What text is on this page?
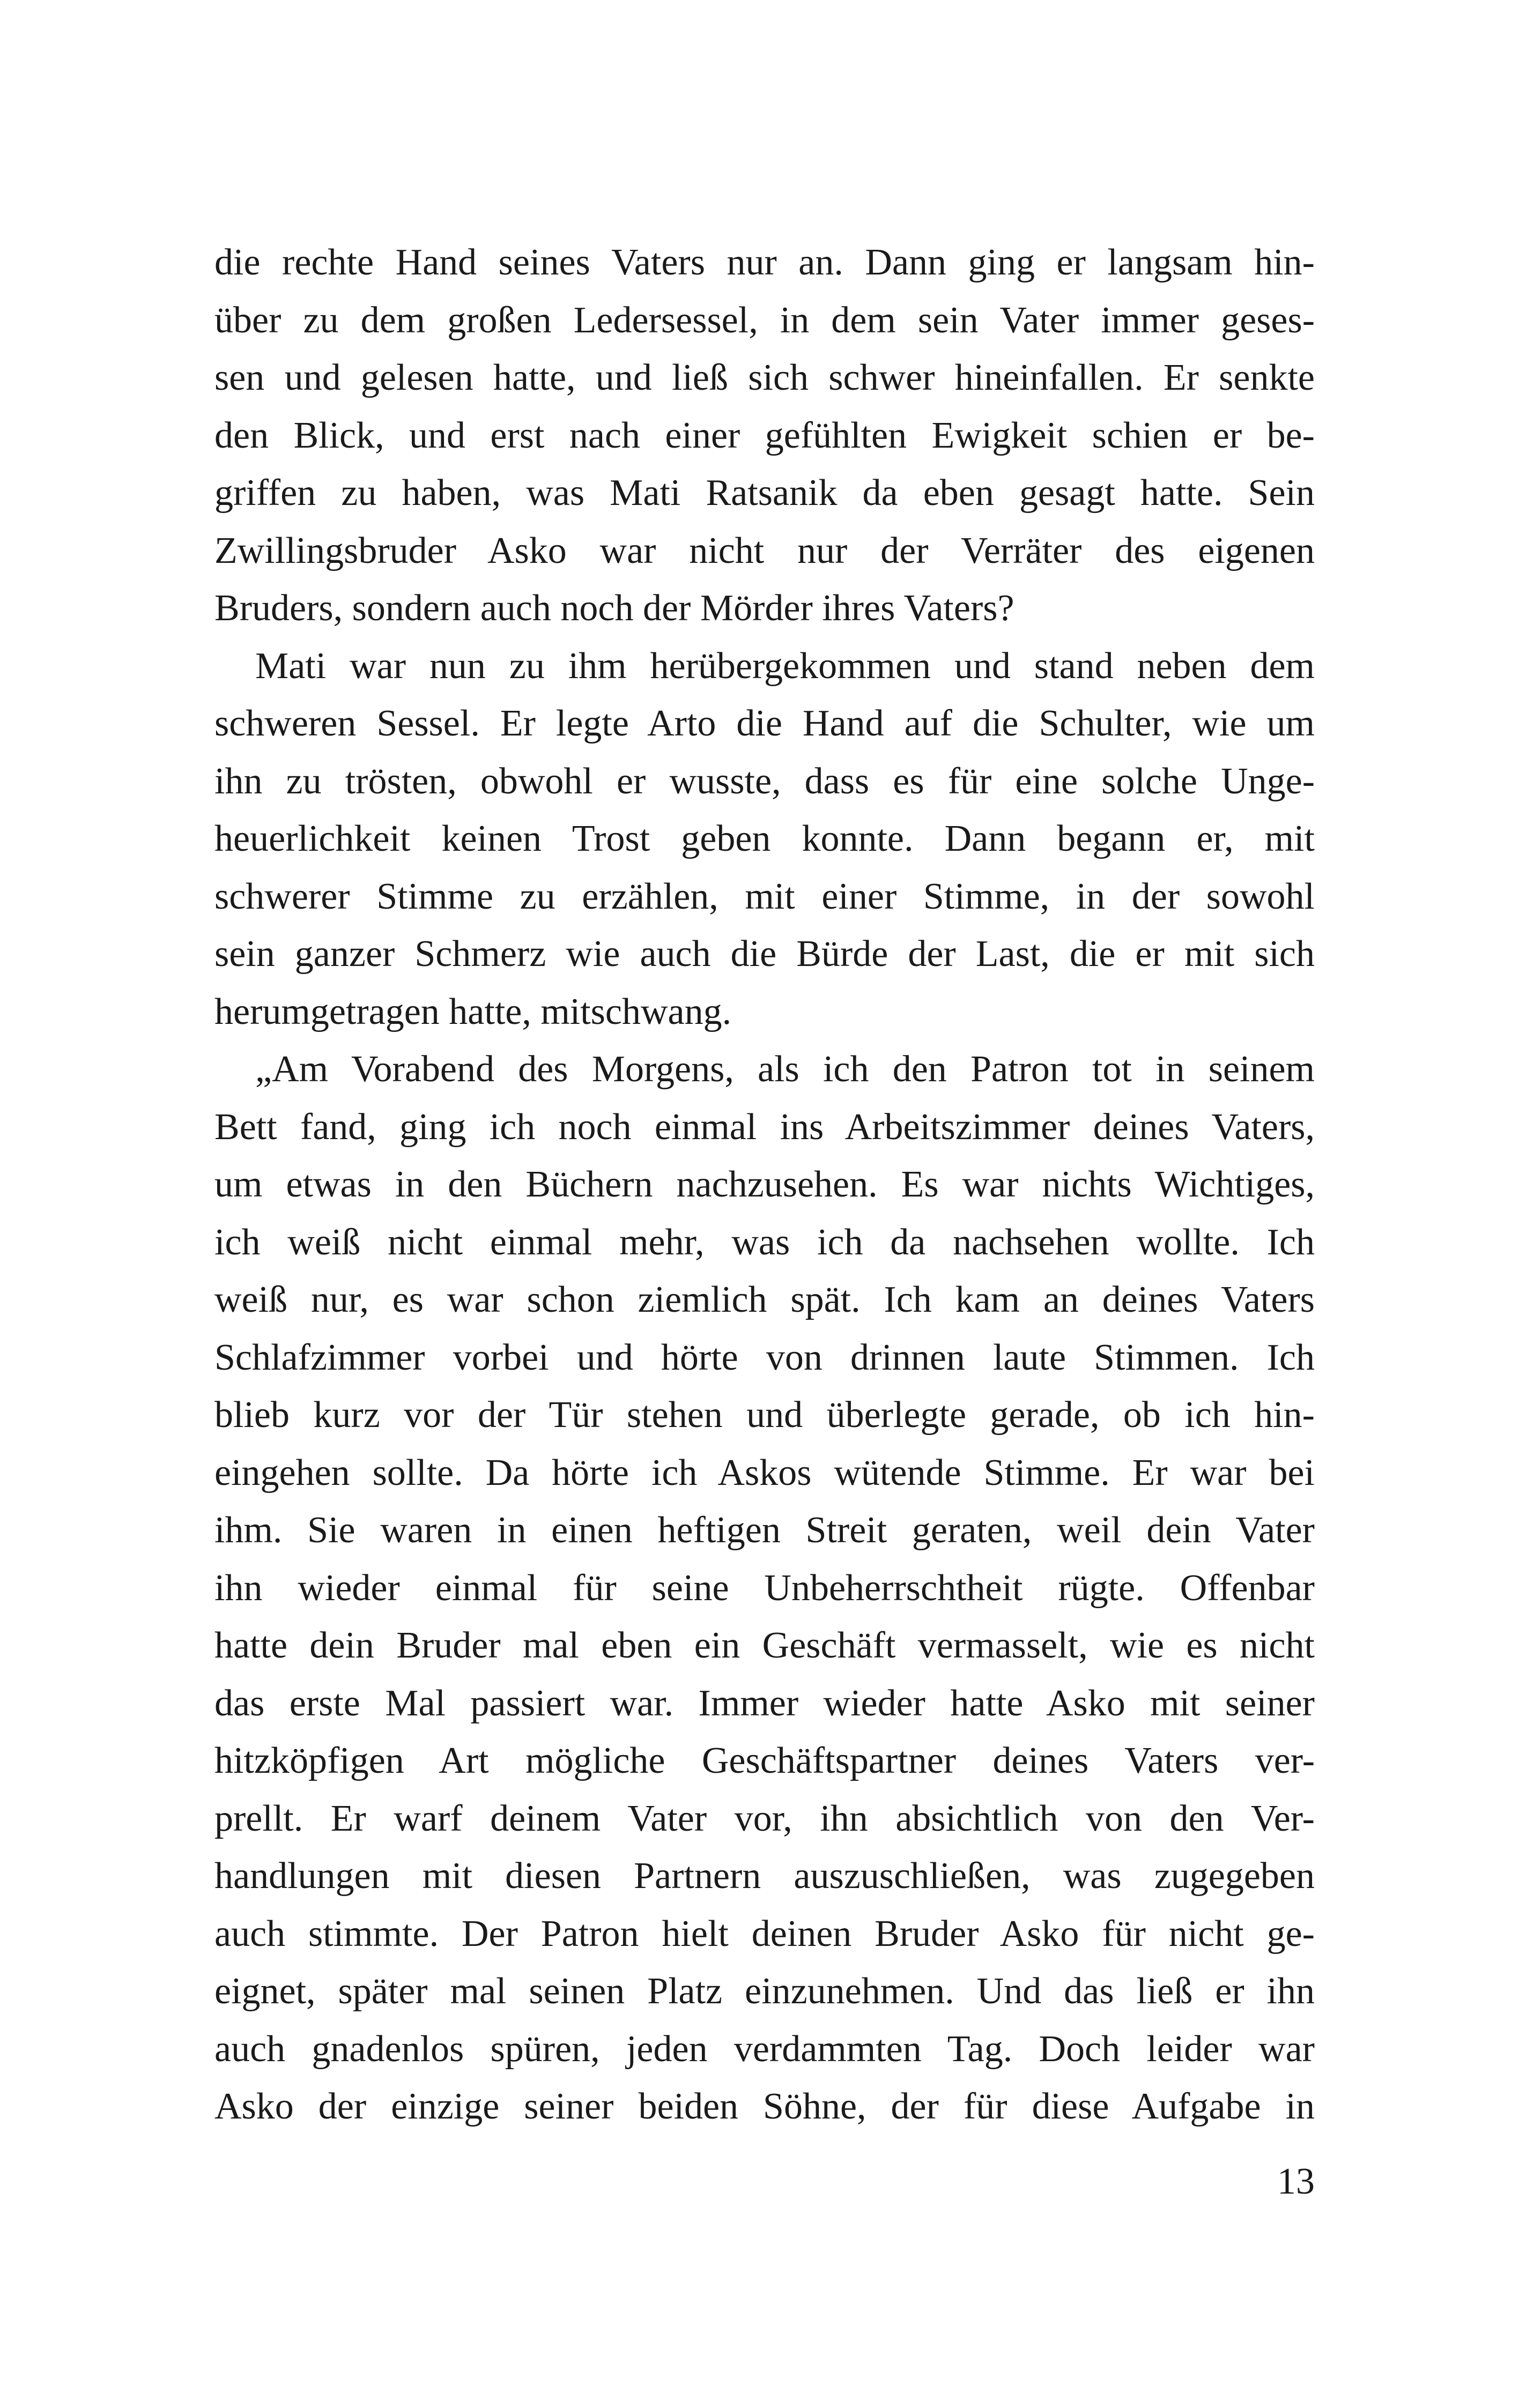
die rechte Hand seines Vaters nur an. Dann ging er langsam hin-
über zu dem großen Ledersessel, in dem sein Vater immer geses-
sen und gelesen hatte, und ließ sich schwer hineinfallen. Er senkte
den Blick, und erst nach einer gefühlten Ewigkeit schien er be-
griffen zu haben, was Mati Ratsanik da eben gesagt hatte. Sein
Zwillingsbruder Asko war nicht nur der Verräter des eigenen
Bruders, sondern auch noch der Mörder ihres Vaters?
Mati war nun zu ihm herübergekommen und stand neben dem
schweren Sessel. Er legte Arto die Hand auf die Schulter, wie um
ihn zu trösten, obwohl er wusste, dass es für eine solche Unge-
heuerlichkeit keinen Trost geben konnte. Dann begann er, mit
schwerer Stimme zu erzählen, mit einer Stimme, in der sowohl
sein ganzer Schmerz wie auch die Bürde der Last, die er mit sich
herumgetragen hatte, mitschwang.
„Am Vorabend des Morgens, als ich den Patron tot in seinem
Bett fand, ging ich noch einmal ins Arbeitszimmer deines Vaters,
um etwas in den Büchern nachzusehen. Es war nichts Wichtiges,
ich weiß nicht einmal mehr, was ich da nachsehen wollte. Ich
weiß nur, es war schon ziemlich spät. Ich kam an deines Vaters
Schlafzimmer vorbei und hörte von drinnen laute Stimmen. Ich
blieb kurz vor der Tür stehen und überlegte gerade, ob ich hin-
eingehen sollte. Da hörte ich Askos wütende Stimme. Er war bei
ihm. Sie waren in einen heftigen Streit geraten, weil dein Vater
ihn wieder einmal für seine Unbeherrschtheit rügte. Offenbar
hatte dein Bruder mal eben ein Geschäft vermasselt, wie es nicht
das erste Mal passiert war. Immer wieder hatte Asko mit seiner
hitzköpfigen Art mögliche Geschäftspartner deines Vaters ver-
prellt. Er warf deinem Vater vor, ihn absichtlich von den Ver-
handlungen mit diesen Partnern auszuschließen, was zugegeben
auch stimmte. Der Patron hielt deinen Bruder Asko für nicht ge-
eignet, später mal seinen Platz einzunehmen. Und das ließ er ihn
auch gnadenlos spüren, jeden verdammten Tag. Doch leider war
Asko der einzige seiner beiden Söhne, der für diese Aufgabe in
13
